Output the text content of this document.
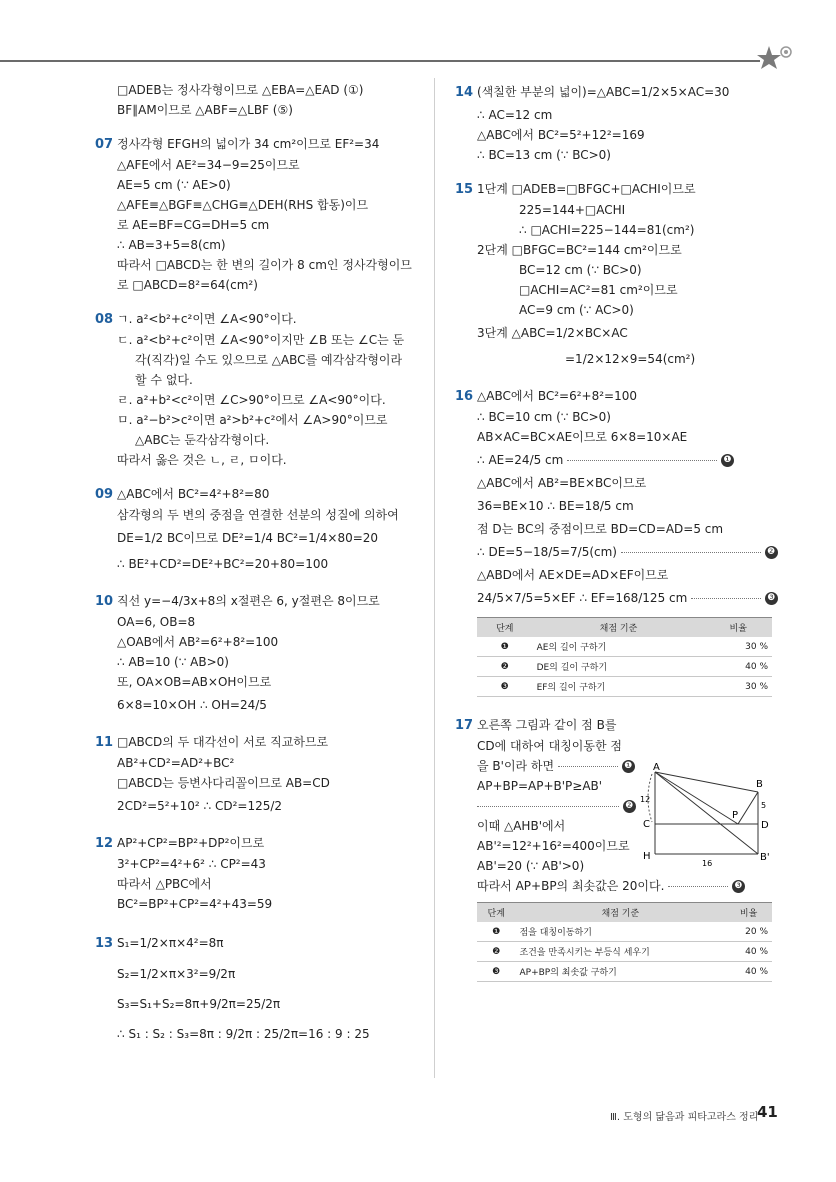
□ADEB는 정사각형이므로 △EBA=△EAD (①)
BF∥AM이므로 △ABF=△LBF (⑤)
07 정사각형 EFGH의 넓이가 34 cm²이므로 EF²=34
△AFE에서 AE²=34−9=25이므로
AE=5 cm (∵ AE>0)
△AFE≡△BGF≡△CHG≡△DEH(RHS 합동)이므
로 AE=BF=CG=DH=5 cm
∴ AB=3+5=8(cm)
따라서 □ABCD는 한 변의 길이가 8 cm인 정사각형이므
로 □ABCD=8²=64(cm²)
08 ㄱ. a²<b²+c²이면 ∠A<90°이다.
ㄷ. a²<b²+c²이면 ∠A<90°이지만 ∠B 또는 ∠C는 둔
각(직각)일 수도 있으므로 △ABC를 예각삼각형이라
할 수 없다.
ㄹ. a²+b²<c²이면 ∠C>90°이므로 ∠A<90°이다.
ㅁ. a²−b²>c²이면 a²>b²+c²에서 ∠A>90°이므로
△ABC는 둔각삼각형이다.
따라서 옳은 것은 ㄴ, ㄹ, ㅁ이다.
09 △ABC에서 BC²=4²+8²=80
삼각형의 두 변의 중점을 연결한 선분의 성질에 의하여
DE=1/2 BC이므로 DE²=1/4 BC²=1/4×80=20
∴ BE²+CD²=DE²+BC²=20+80=100
10 직선 y=−4/3x+8의 x절편은 6, y절편은 8이므로
OA=6, OB=8
△OAB에서 AB²=6²+8²=100
∴ AB=10 (∵ AB>0)
또, OA×OB=AB×OH이므로
6×8=10×OH ∴ OH=24/5
11 □ABCD의 두 대각선이 서로 직교하므로
AB²+CD²=AD²+BC²
□ABCD는 등변사다리꼴이므로 AB=CD
2CD²=5²+10² ∴ CD²=125/2
12 AP²+CP²=BP²+DP²이므로
3²+CP²=4²+6² ∴ CP²=43
따라서 △PBC에서
BC²=BP²+CP²=4²+43=59
13 S₁=1/2×π×4²=8π
S₂=1/2×π×3²=9/2π
S₃=S₁+S₂=8π+9/2π=25/2π
∴ S₁ : S₂ : S₃=8π : 9/2π : 25/2π=16 : 9 : 25
14 (색칠한 부분의 넓이)=△ABC=1/2×5×AC=30
∴ AC=12 cm
△ABC에서 BC²=5²+12²=169
∴ BC=13 cm (∵ BC>0)
15 1단계 □ADEB=□BFGC+□ACHI이므로
225=144+□ACHI
∴ □ACHI=225−144=81(cm²)
2단계 □BFGC=BC²=144 cm²이므로
BC=12 cm (∵ BC>0)
□ACHI=AC²=81 cm²이므로
AC=9 cm (∵ AC>0)
3단계 △ABC=1/2×BC×AC
=1/2×12×9=54(cm²)
16 △ABC에서 BC²=6²+8²=100
∴ BC=10 cm (∵ BC>0)
AB×AC=BC×AE이므로 6×8=10×AE
∴ AE=24/5 cm	❶
△ABC에서 AB²=BE×BC이므로
36=BE×10 ∴ BE=18/5 cm
점 D는 BC의 중점이므로 BD=CD=AD=5 cm
∴ DE=5−18/5=7/5(cm)	❷
△ABD에서 AE×DE=AD×EF이므로
24/5×7/5=5×EF ∴ EF=168/125 cm	❸
단계	채점 기준	비율
❶	AE의 길이 구하기	30 %
❷	DE의 길이 구하기	40 %
❸	EF의 길이 구하기	30 %
17 오른쪽 그림과 같이 점 B를
CD에 대하여 대칭이동한 점
을 B'이라 하면	❶
AP+BP=AP+B'P≥AB'
❷
이때 △AHB'에서
AB'²=12²+16²=400이므로
AB'=20 (∵ AB'>0)
따라서 AP+BP의 최솟값은 20이다.	❸
단계	채점 기준	비율
❶	점을 대칭이동하기	20 %
❷	조건을 만족시키는 부등식 세우기	40 %
❸	AP+BP의 최솟값 구하기	40 %
A
B
C	D
P
H	B'
12
5
16
Ⅲ. 도형의 닮음과 피타고라스 정리
41
